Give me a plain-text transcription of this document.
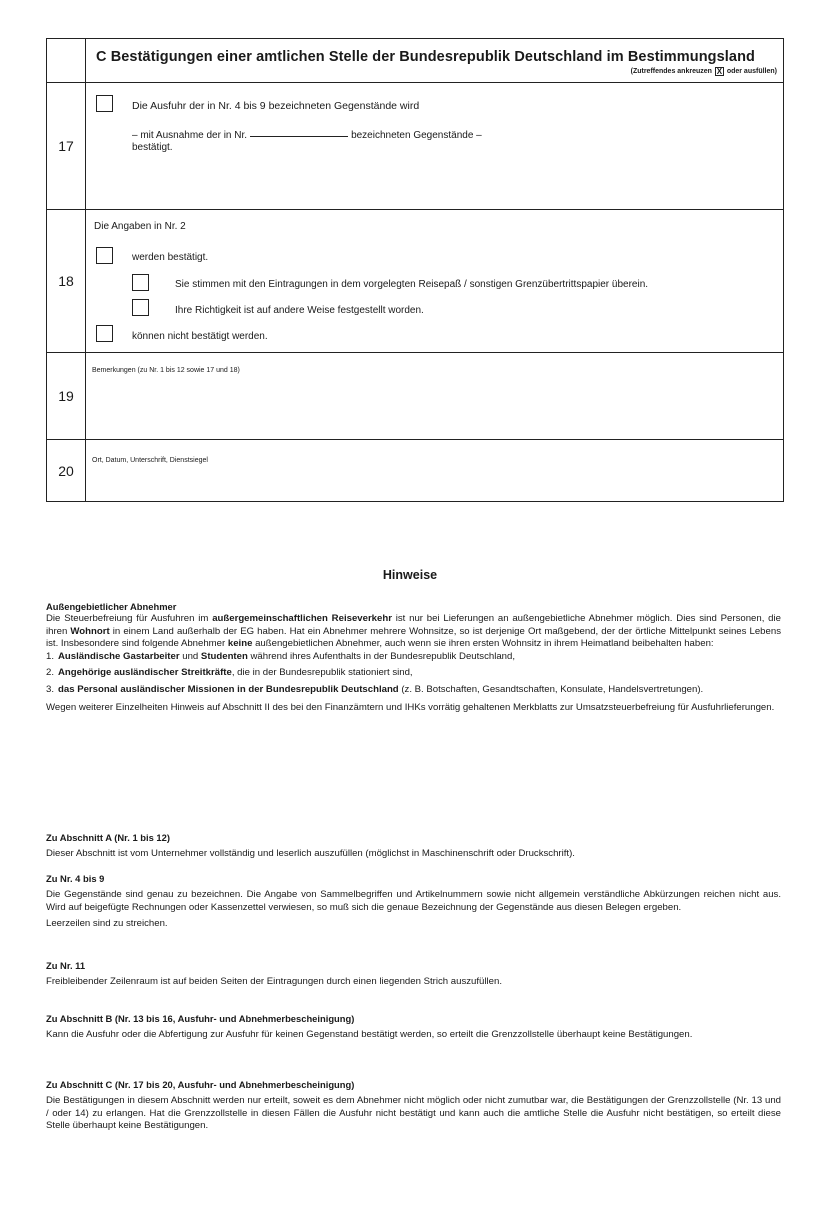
C Bestätigungen einer amtlichen Stelle der Bundesrepublik Deutschland im Bestimmungsland
(Zutreffendes ankreuzen X oder ausfüllen)
17
Die Ausfuhr der in Nr. 4 bis 9 bezeichneten Gegenstände wird
– mit Ausnahme der in Nr.	bezeichneten Gegenstände –
bestätigt.
18
Die Angaben in Nr. 2
werden bestätigt.
Sie stimmen mit den Eintragungen in dem vorgelegten Reisepaß / sonstigen Grenzübertrittspapier überein.
Ihre Richtigkeit ist auf andere Weise festgestellt worden.
können nicht bestätigt werden.
19
Bemerkungen (zu Nr. 1 bis 12 sowie 17 und 18)
20
Ort, Datum, Unterschrift, Dienstsiegel
Hinweise
Außengebietlicher Abnehmer

Die Steuerbefreiung für Ausfuhren im außergemeinschaftlichen Reiseverkehr ist nur bei Lieferungen an außengebietliche Abnehmer möglich. Dies sind Personen, die ihren Wohnort in einem Land außerhalb der EG haben. Hat ein Abnehmer mehrere Wohnsitze, so ist derjenige Ort maßgebend, der der örtliche Mittelpunkt seines Lebens ist. Insbesondere sind folgende Abnehmer keine außengebietlichen Abnehmer, auch wenn sie ihren ersten Wohnsitz in ihrem Heimatland beibehalten haben:

1. Ausländische Gastarbeiter und Studenten während ihres Aufenthalts in der Bundesrepublik Deutschland,
2. Angehörige ausländischer Streitkräfte, die in der Bundesrepublik stationiert sind,
3. das Personal ausländischer Missionen in der Bundesrepublik Deutschland (z. B. Botschaften, Gesandtschaften, Konsulate, Handelsvertretungen).

Wegen weiterer Einzelheiten Hinweis auf Abschnitt II des bei den Finanzämtern und IHKs vorrätig gehaltenen Merkblatts zur Umsatzsteuerbefreiung für Ausfuhrlieferungen.

Zu Abschnitt A (Nr. 1 bis 12)

Dieser Abschnitt ist vom Unternehmer vollständig und leserlich auszufüllen (möglichst in Maschinenschrift oder Druckschrift).

Zu Nr. 4 bis 9

Die Gegenstände sind genau zu bezeichnen. Die Angabe von Sammelbegriffen und Artikelnummern sowie nicht allgemein verständliche Abkürzungen reichen nicht aus. Wird auf beigefügte Rechnungen oder Kassenzettel verwiesen, so muß sich die genaue Bezeichnung der Gegenstände aus diesen Belegen ergeben.

Leerzeilen sind zu streichen.

Zu Nr. 11

Freibleibender Zeilenraum ist auf beiden Seiten der Eintragungen durch einen liegenden Strich auszufüllen.

Zu Abschnitt B (Nr. 13 bis 16, Ausfuhr- und Abnehmerbescheinigung)

Kann die Ausfuhr oder die Abfertigung zur Ausfuhr für keinen Gegenstand bestätigt werden, so erteilt die Grenzzollstelle überhaupt keine Bestätigungen.

Zu Abschnitt C (Nr. 17 bis 20, Ausfuhr- und Abnehmerbescheinigung)

Die Bestätigungen in diesem Abschnitt werden nur erteilt, soweit es dem Abnehmer nicht möglich oder nicht zumutbar war, die Bestätigungen der Grenzzollstelle (Nr. 13 und / oder 14) zu erlangen. Hat die Grenzzollstelle in diesen Fällen die Ausfuhr nicht bestätigt und kann auch die amtliche Stelle die Ausfuhr nicht bestätigen, so erteilt diese Stelle überhaupt keine Bestätigungen.
